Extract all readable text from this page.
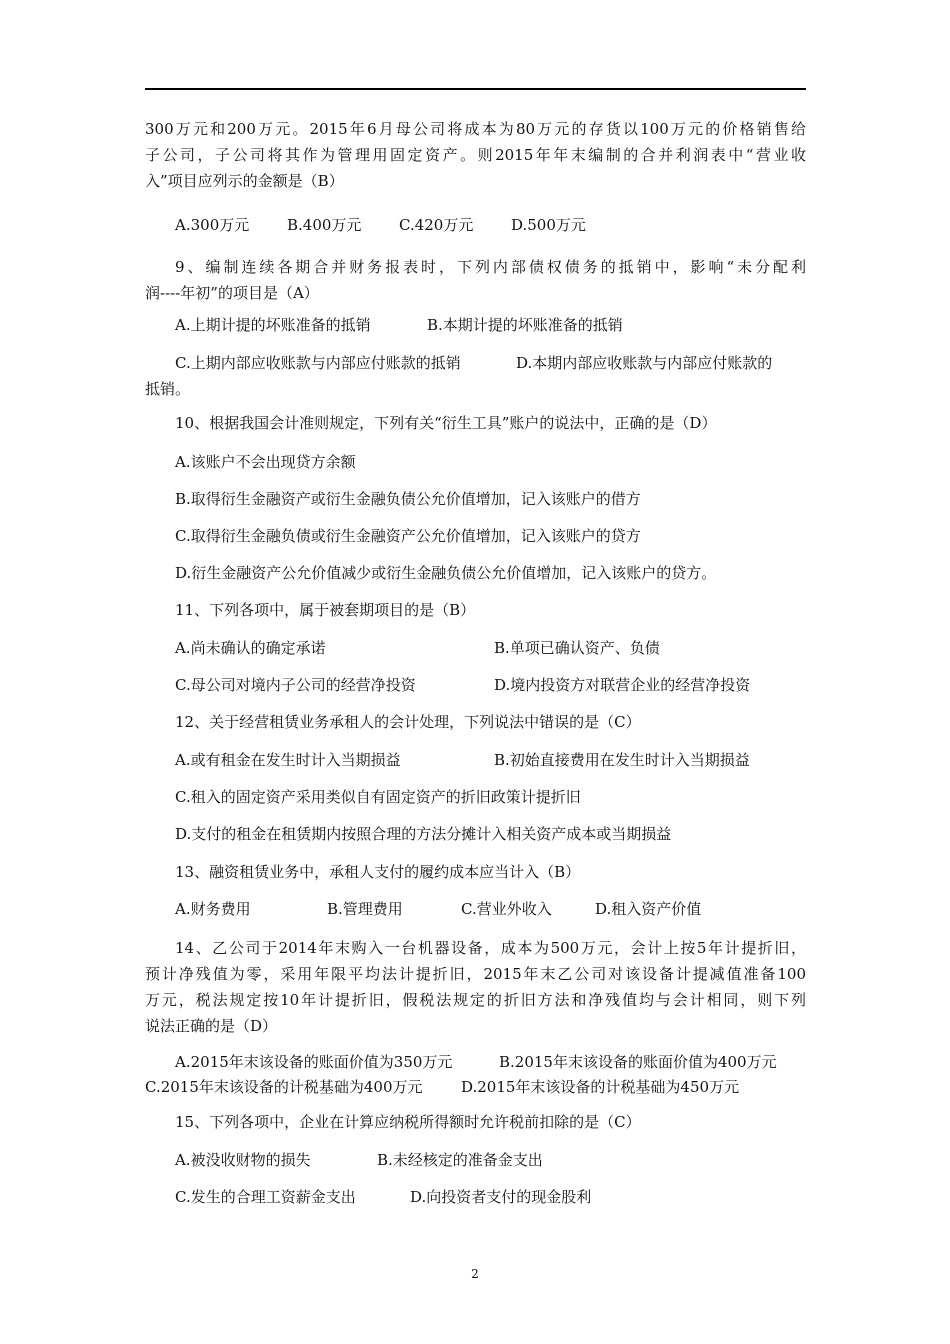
300万元和200万元。2015年6月母公司将成本为80万元的存货以100万元的价格销售给
子公司，子公司将其作为管理用固定资产。则2015年年末编制的合并利润表中“营业收
入”项目应列示的金额是（B）
A.300万元	B.400万元	C.420万元	D.500万元
9、编制连续各期合并财务报表时，下列内部债权债务的抵销中，影响“未分配利
润----年初”的项目是（A）
A.上期计提的坏账准备的抵销	B.本期计提的坏账准备的抵销
C.上期内部应收账款与内部应付账款的抵销	D.本期内部应收账款与内部应付账款的
抵销。
10、根据我国会计准则规定，下列有关“衍生工具”账户的说法中，正确的是（D）
A.该账户不会出现贷方余额
B.取得衍生金融资产或衍生金融负债公允价值增加，记入该账户的借方
C.取得衍生金融负债或衍生金融资产公允价值增加，记入该账户的贷方
D.衍生金融资产公允价值减少或衍生金融负债公允价值增加，记入该账户的贷方。
11、下列各项中，属于被套期项目的是（B）
A.尚未确认的确定承诺	B.单项已确认资产、负债
C.母公司对境内子公司的经营净投资	D.境内投资方对联营企业的经营净投资
12、关于经营租赁业务承租人的会计处理，下列说法中错误的是（C）
A.或有租金在发生时计入当期损益	B.初始直接费用在发生时计入当期损益
C.租入的固定资产采用类似自有固定资产的折旧政策计提折旧
D.支付的租金在租赁期内按照合理的方法分摊计入相关资产成本或当期损益
13、融资租赁业务中，承租人支付的履约成本应当计入（B）
A.财务费用	B.管理费用	C.营业外收入	D.租入资产价值
14、乙公司于2014年末购入一台机器设备，成本为500万元，会计上按5年计提折旧，
预计净残值为零，采用年限平均法计提折旧，2015年末乙公司对该设备计提减值准备100
万元，税法规定按10年计提折旧，假税法规定的折旧方法和净残值均与会计相同，则下列
说法正确的是（D）
A.2015年末该设备的账面价值为350万元	B.2015年末该设备的账面价值为400万元
C.2015年末该设备的计税基础为400万元	D.2015年末该设备的计税基础为450万元
15、下列各项中，企业在计算应纳税所得额时允许税前扣除的是（C）
A.被没收财物的损失	B.未经核定的准备金支出
C.发生的合理工资薪金支出	D.向投资者支付的现金股利
2
